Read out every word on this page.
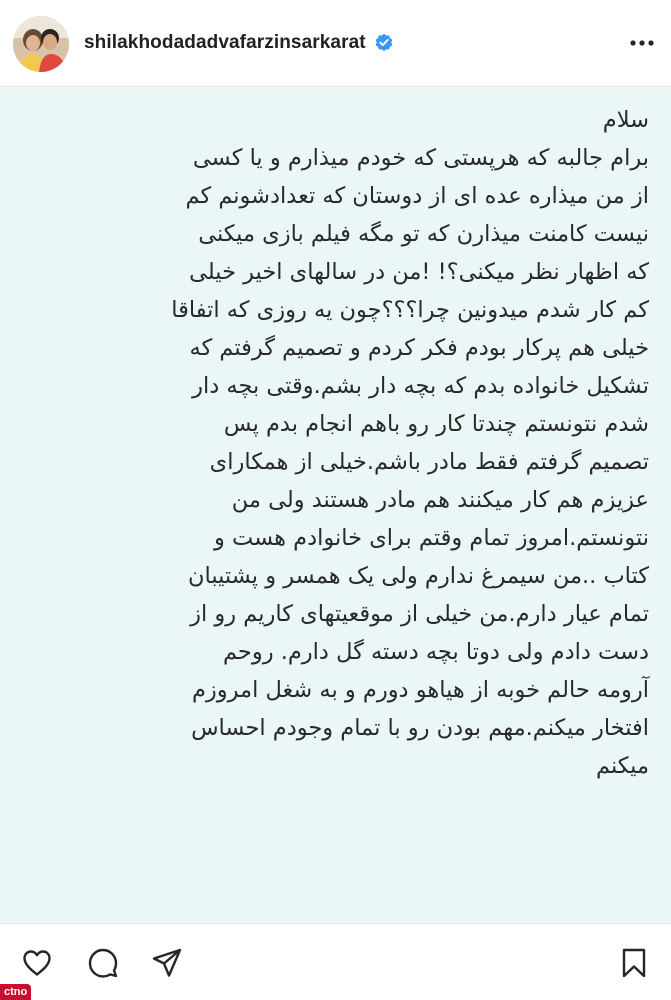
shilakhodadadvafarzinsarkarat
سلام
برام جالبه که هرپستی که خودم میذارم و یا کسی
از من میذاره عده ای از دوستان که تعدادشونم کم
نیست کامنت میذارن که تو مگه فیلم بازی میکنی
که اظهار نظر میکنی؟! !من در سالهای اخیر خیلی
کم کار شدم میدونین چرا؟؟؟چون یه روزی که اتفاقا
خیلی هم پرکار بودم فکر کردم و تصمیم گرفتم که
تشکیل خانواده بدم که بچه دار بشم.وقتی بچه دار
شدم نتونستم چندتا کار رو باهم انجام بدم پس
تصمیم گرفتم فقط مادر باشم.خیلی از همکارای
عزیزم هم کار میکنند هم مادر هستند ولی من
نتونستم.امروز تمام وقتم برای خانوادم هست و
کتاب ..من سیمرغ ندارم ولی یک همسر و پشتیبان
تمام عیار دارم.من خیلی از موقعیتهای کاریم رو از
دست دادم ولی دوتا بچه دسته گل دارم. روحم
آرومه حالم خوبه از هیاهو دورم و به شغل امروزم
افتخار میکنم.مهم بودن رو با تمام وجودم احساس
میکنم
ctno
